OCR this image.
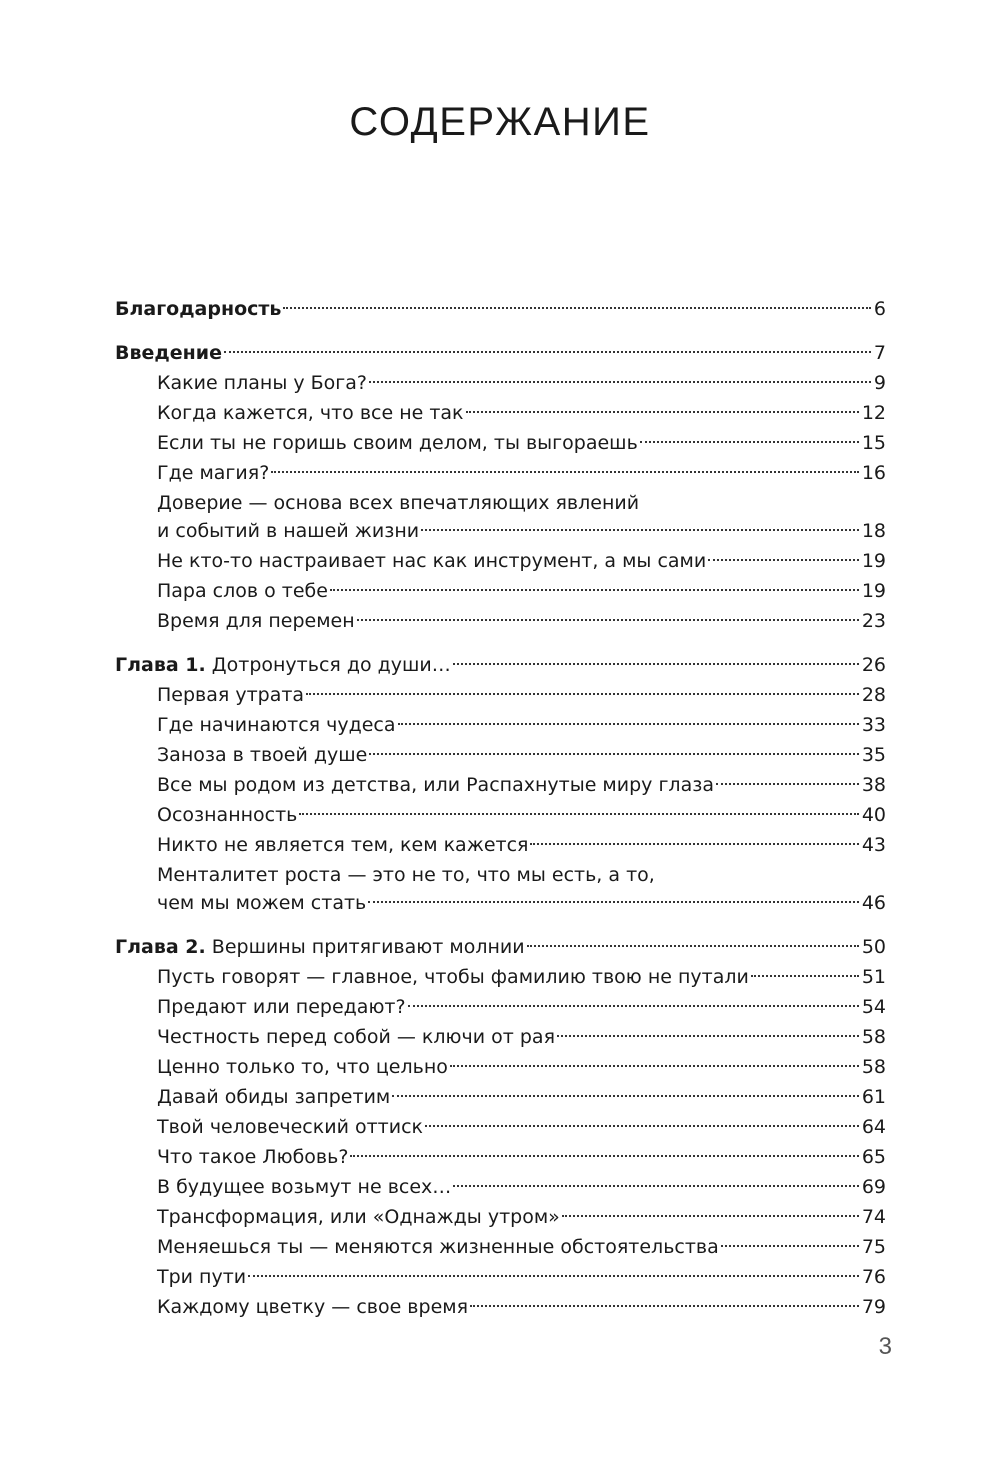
СОДЕРЖАНИЕ
Благодарность	6
Введение	7
Какие планы у Бога?	9
Когда кажется, что все не так	12
Если ты не горишь своим делом, ты выгораешь	15
Где магия?	16
Доверие — основа всех впечатляющих явлений
и событий в нашей жизни	18
Не кто-то настраивает нас как инструмент, а мы сами	19
Пара слов о тебе	19
Время для перемен	23
Глава 1. Дотронуться до души…	26
Первая утрата	28
Где начинаются чудеса	33
Заноза в твоей душе	35
Все мы родом из детства, или Распахнутые миру глаза	38
Осознанность	40
Никто не является тем, кем кажется	43
Менталитет роста — это не то, что мы есть, а то,
чем мы можем стать	46
Глава 2. Вершины притягивают молнии	50
Пусть говорят — главное, чтобы фамилию твою не путали	51
Предают или передают?	54
Честность перед собой — ключи от рая	58
Ценно только то, что цельно	58
Давай обиды запретим	61
Твой человеческий оттиск	64
Что такое Любовь?	65
В будущее возьмут не всех…	69
Трансформация, или «Однажды утром»	74
Меняешься ты — меняются жизненные обстоятельства	75
Три пути	76
Каждому цветку — свое время	79
3
